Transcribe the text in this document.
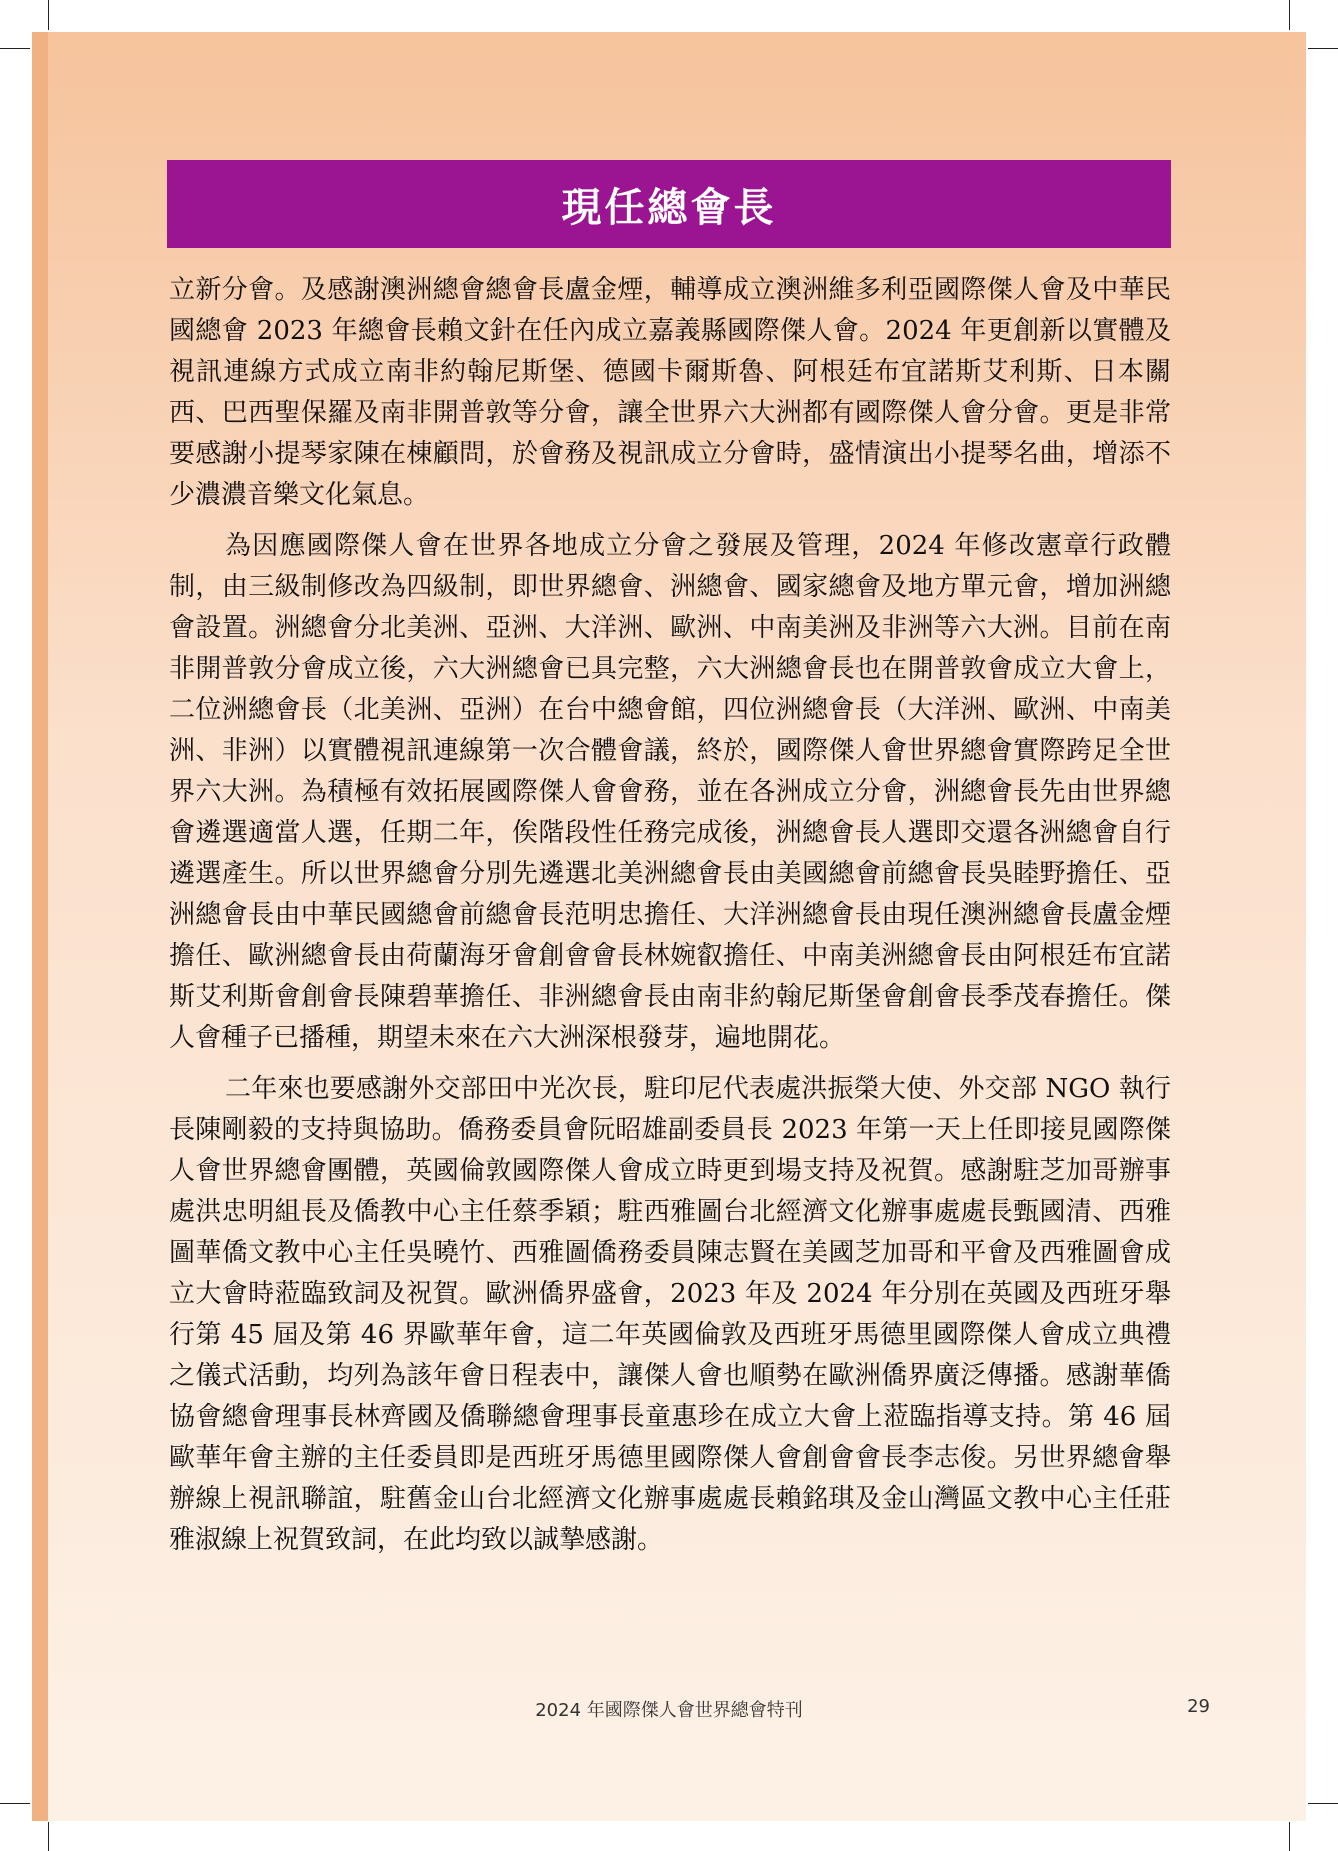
現任總會長

立新分會。及感謝澳洲總會總會長盧金煙，輔導成立澳洲維多利亞國際傑人會及中華民國總會 2023 年總會長賴文針在任內成立嘉義縣國際傑人會。2024 年更創新以實體及視訊連線方式成立南非約翰尼斯堡、德國卡爾斯魯、阿根廷布宜諾斯艾利斯、日本關西、巴西聖保羅及南非開普敦等分會，讓全世界六大洲都有國際傑人會分會。更是非常要感謝小提琴家陳在棟顧問，於會務及視訊成立分會時，盛情演出小提琴名曲，增添不少濃濃音樂文化氣息。

為因應國際傑人會在世界各地成立分會之發展及管理，2024 年修改憲章行政體制，由三級制修改為四級制，即世界總會、洲總會、國家總會及地方單元會，增加洲總會設置。洲總會分北美洲、亞洲、大洋洲、歐洲、中南美洲及非洲等六大洲。目前在南非開普敦分會成立後，六大洲總會已具完整，六大洲總會長也在開普敦會成立大會上，二位洲總會長（北美洲、亞洲）在台中總會館，四位洲總會長（大洋洲、歐洲、中南美洲、非洲）以實體視訊連線第一次合體會議，終於，國際傑人會世界總會實際跨足全世界六大洲。為積極有效拓展國際傑人會會務，並在各洲成立分會，洲總會長先由世界總會遴選適當人選，任期二年，俟階段性任務完成後，洲總會長人選即交還各洲總會自行遴選產生。所以世界總會分別先遴選北美洲總會長由美國總會前總會長吳睦野擔任、亞洲總會長由中華民國總會前總會長范明忠擔任、大洋洲總會長由現任澳洲總會長盧金煙擔任、歐洲總會長由荷蘭海牙會創會會長林婉叡擔任、中南美洲總會長由阿根廷布宜諾斯艾利斯會創會長陳碧華擔任、非洲總會長由南非約翰尼斯堡會創會長季茂春擔任。傑人會種子已播種，期望未來在六大洲深根發芽，遍地開花。

二年來也要感謝外交部田中光次長，駐印尼代表處洪振榮大使、外交部 NGO 執行長陳剛毅的支持與協助。僑務委員會阮昭雄副委員長 2023 年第一天上任即接見國際傑人會世界總會團體，英國倫敦國際傑人會成立時更到場支持及祝賀。感謝駐芝加哥辦事處洪忠明組長及僑教中心主任蔡季穎；駐西雅圖台北經濟文化辦事處處長甄國清、西雅圖華僑文教中心主任吳曉竹、西雅圖僑務委員陳志賢在美國芝加哥和平會及西雅圖會成立大會時蒞臨致詞及祝賀。歐洲僑界盛會，2023 年及 2024 年分別在英國及西班牙舉行第 45 屆及第 46 界歐華年會，這二年英國倫敦及西班牙馬德里國際傑人會成立典禮之儀式活動，均列為該年會日程表中，讓傑人會也順勢在歐洲僑界廣泛傳播。感謝華僑協會總會理事長林齊國及僑聯總會理事長童惠珍在成立大會上蒞臨指導支持。第 46 屆歐華年會主辦的主任委員即是西班牙馬德里國際傑人會創會會長李志俊。另世界總會舉辦線上視訊聯誼，駐舊金山台北經濟文化辦事處處長賴銘琪及金山灣區文教中心主任莊雅淑線上祝賀致詞，在此均致以誠摯感謝。

2024 年國際傑人會世界總會特刊	29
